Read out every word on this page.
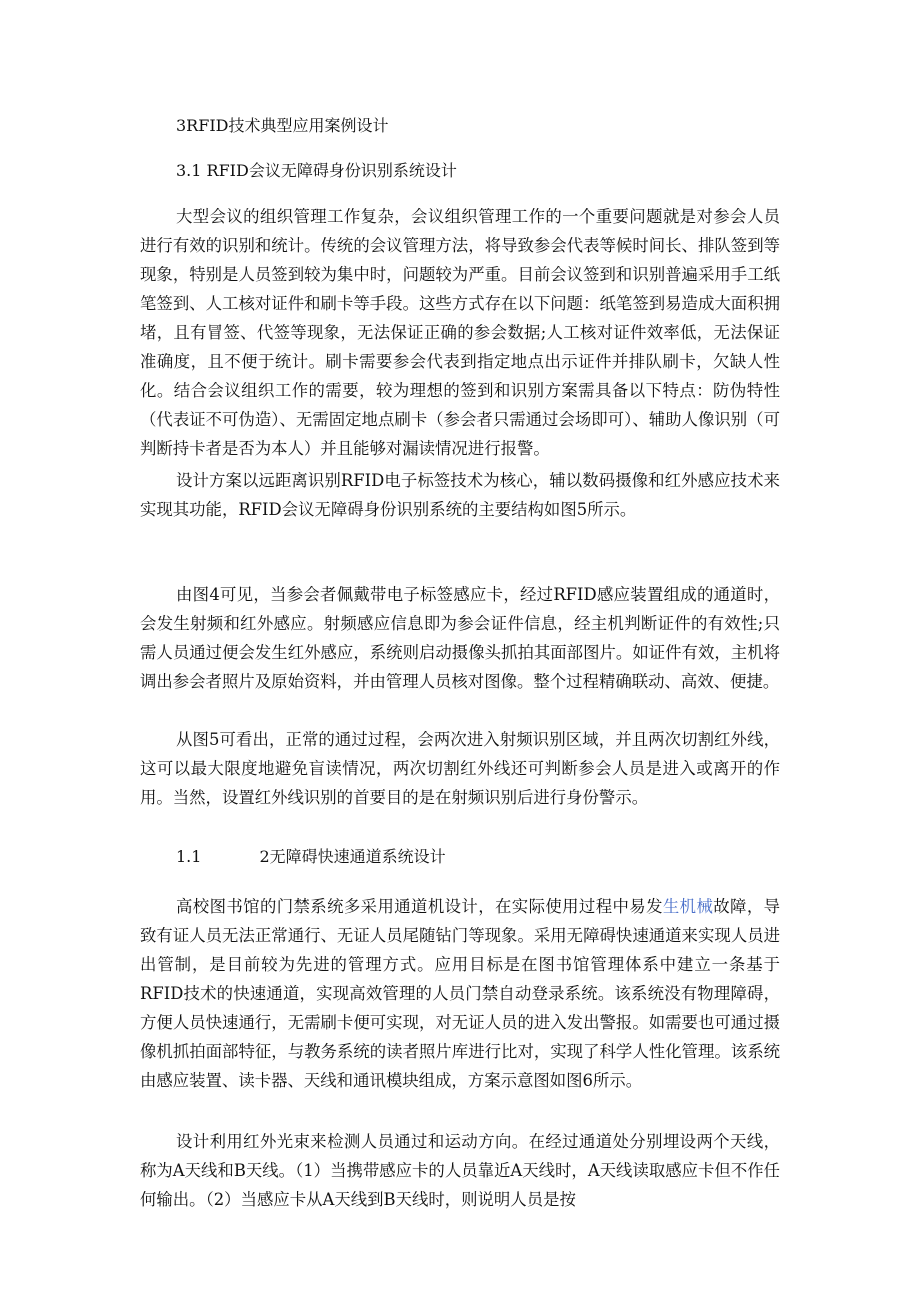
3RFID技术典型应用案例设计

3.1 RFID会议无障碍身份识别系统设计

大型会议的组织管理工作复杂，会议组织管理工作的一个重要问题就是对参会人员进行有效的识别和统计。传统的会议管理方法，将导致参会代表等候时间长、排队签到等现象，特别是人员签到较为集中时，问题较为严重。目前会议签到和识别普遍采用手工纸笔签到、人工核对证件和刷卡等手段。这些方式存在以下问题：纸笔签到易造成大面积拥堵，且有冒签、代签等现象，无法保证正确的参会数据;人工核对证件效率低，无法保证准确度，且不便于统计。刷卡需要参会代表到指定地点出示证件并排队刷卡，欠缺人性化。结合会议组织工作的需要，较为理想的签到和识别方案需具备以下特点：防伪特性（代表证不可伪造）、无需固定地点刷卡（参会者只需通过会场即可）、辅助人像识别（可判断持卡者是否为本人）并且能够对漏读情况进行报警。

设计方案以远距离识别RFID电子标签技术为核心，辅以数码摄像和红外感应技术来实现其功能，RFID会议无障碍身份识别系统的主要结构如图5所示。

由图4可见，当参会者佩戴带电子标签感应卡，经过RFID感应装置组成的通道时，会发生射频和红外感应。射频感应信息即为参会证件信息，经主机判断证件的有效性;只需人员通过便会发生红外感应，系统则启动摄像头抓拍其面部图片。如证件有效，主机将调出参会者照片及原始资料，并由管理人员核对图像。整个过程精确联动、高效、便捷。

从图5可看出，正常的通过过程，会两次进入射频识别区域，并且两次切割红外线，这可以最大限度地避免盲读情况，两次切割红外线还可判断参会人员是进入或离开的作用。当然，设置红外线识别的首要目的是在射频识别后进行身份警示。

1.1	2无障碍快速通道系统设计

高校图书馆的门禁系统多采用通道机设计，在实际使用过程中易发生机械故障，导致有证人员无法正常通行、无证人员尾随钻门等现象。采用无障碍快速通道来实现人员进出管制，是目前较为先进的管理方式。应用目标是在图书馆管理体系中建立一条基于RFID技术的快速通道，实现高效管理的人员门禁自动登录系统。该系统没有物理障碍，方便人员快速通行，无需刷卡便可实现，对无证人员的进入发出警报。如需要也可通过摄像机抓拍面部特征，与教务系统的读者照片库进行比对，实现了科学人性化管理。该系统由感应装置、读卡器、天线和通讯模块组成，方案示意图如图6所示。

设计利用红外光束来检测人员通过和运动方向。在经过通道处分别埋设两个天线，称为A天线和B天线。（1）当携带感应卡的人员靠近A天线时，A天线读取感应卡但不作任何输出。（2）当感应卡从A天线到B天线时，则说明人员是按
